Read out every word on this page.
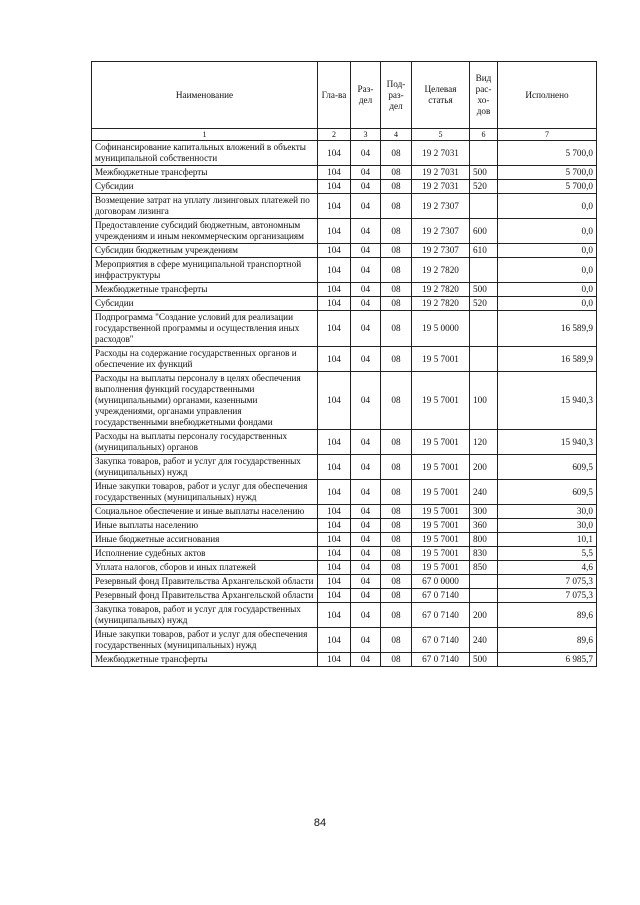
Наименование	Гла-ва	Раз-дел	Под-раз-дел	Целевая статья	Вид рас-хо-дов	Исполнено
1	2	3	4	5	6	7
Софинансирование капитальных вложений в объекты муниципальной собственности	104	04	08	19 2 7031		5 700,0
Межбюджетные трансферты	104	04	08	19 2 7031	500	5 700,0
Субсидии	104	04	08	19 2 7031	520	5 700,0
Возмещение затрат на уплату лизинговых платежей по договорам лизинга	104	04	08	19 2 7307		0,0
Предоставление субсидий бюджетным, автономным учреждениям и иным некоммерческим организациям	104	04	08	19 2 7307	600	0,0
Субсидии бюджетным учреждениям	104	04	08	19 2 7307	610	0,0
Мероприятия в сфере муниципальной транспортной инфраструктуры	104	04	08	19 2 7820		0,0
Межбюджетные трансферты	104	04	08	19 2 7820	500	0,0
Субсидии	104	04	08	19 2 7820	520	0,0
Подпрограмма "Создание условий для реализации государственной программы и осуществления иных расходов"	104	04	08	19 5 0000		16 589,9
Расходы на содержание государственных органов и обеспечение их функций	104	04	08	19 5 7001		16 589,9
Расходы на выплаты персоналу в целях обеспечения выполнения функций государственными (муниципальными) органами, казенными учреждениями, органами управления государственными внебюджетными фондами	104	04	08	19 5 7001	100	15 940,3
Расходы на выплаты персоналу государственных (муниципальных) органов	104	04	08	19 5 7001	120	15 940,3
Закупка товаров, работ и услуг для государственных (муниципальных) нужд	104	04	08	19 5 7001	200	609,5
Иные закупки товаров, работ и услуг для обеспечения государственных (муниципальных) нужд	104	04	08	19 5 7001	240	609,5
Социальное обеспечение и иные выплаты населению	104	04	08	19 5 7001	300	30,0
Иные выплаты населению	104	04	08	19 5 7001	360	30,0
Иные бюджетные ассигнования	104	04	08	19 5 7001	800	10,1
Исполнение судебных актов	104	04	08	19 5 7001	830	5,5
Уплата налогов, сборов и иных платежей	104	04	08	19 5 7001	850	4,6
Резервный фонд Правительства Архангельской области	104	04	08	67 0 0000		7 075,3
Резервный фонд Правительства Архангельской области	104	04	08	67 0 7140		7 075,3
Закупка товаров, работ и услуг для государственных (муниципальных) нужд	104	04	08	67 0 7140	200	89,6
Иные закупки товаров, работ и услуг для обеспечения государственных (муниципальных) нужд	104	04	08	67 0 7140	240	89,6
Межбюджетные трансферты	104	04	08	67 0 7140	500	6 985,7
84
